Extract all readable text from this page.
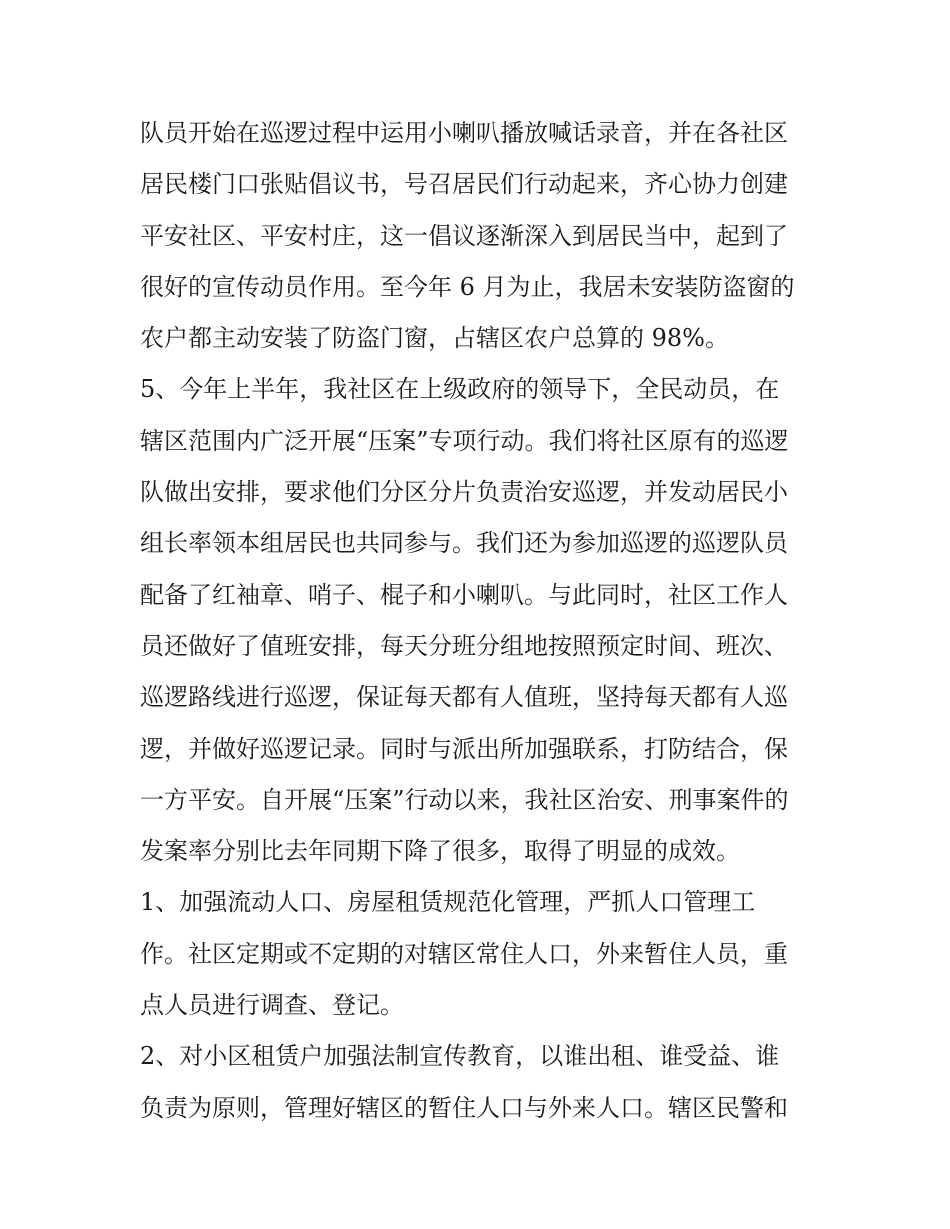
队员开始在巡逻过程中运用小喇叭播放喊话录音，并在各社区
居民楼门口张贴倡议书，号召居民们行动起来，齐心协力创建
平安社区、平安村庄，这一倡议逐渐深入到居民当中，起到了
很好的宣传动员作用。至今年 6 月为止，我居未安装防盗窗的
农户都主动安装了防盗门窗，占辖区农户总算的 98%。
5、今年上半年，我社区在上级政府的领导下，全民动员，在
辖区范围内广泛开展“压案”专项行动。我们将社区原有的巡逻
队做出安排，要求他们分区分片负责治安巡逻，并发动居民小
组长率领本组居民也共同参与。我们还为参加巡逻的巡逻队员
配备了红袖章、哨子、棍子和小喇叭。与此同时，社区工作人
员还做好了值班安排，每天分班分组地按照预定时间、班次、
巡逻路线进行巡逻，保证每天都有人值班，坚持每天都有人巡
逻，并做好巡逻记录。同时与派出所加强联系，打防结合，保
一方平安。自开展“压案”行动以来，我社区治安、刑事案件的
发案率分别比去年同期下降了很多，取得了明显的成效。
1、加强流动人口、房屋租赁规范化管理，严抓人口管理工
作。社区定期或不定期的对辖区常住人口，外来暂住人员，重
点人员进行调查、登记。
2、对小区租赁户加强法制宣传教育，以谁出租、谁受益、谁
负责为原则，管理好辖区的暂住人口与外来人口。辖区民警和
